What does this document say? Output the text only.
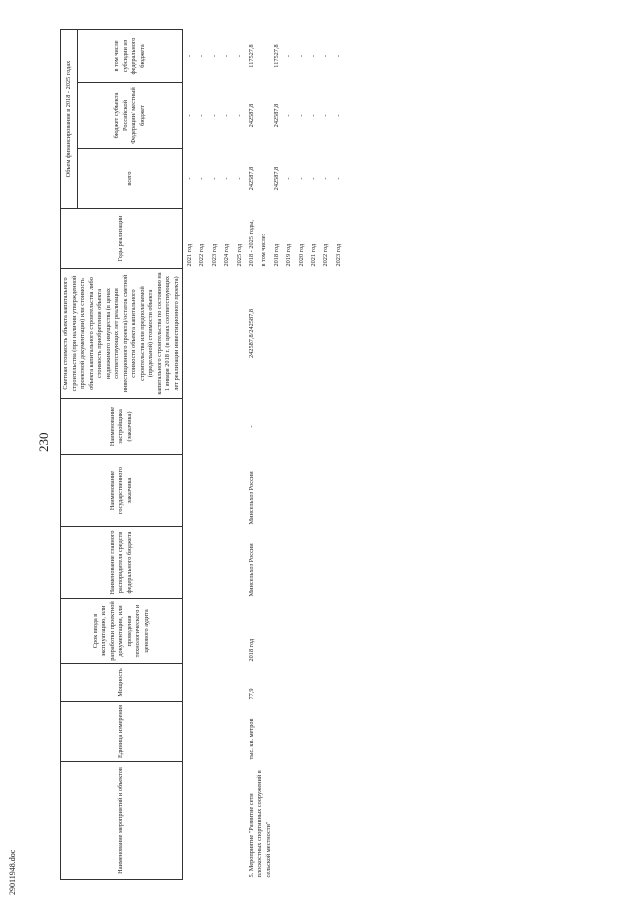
230
Наименование мероприятий и объектов	Единица измерения	Мощность	Срок ввода в эксплуатацию, или разработки проектной документации, или проведения технологического и ценового аудита	Наименование главного распорядителя средств федерального бюджета	Наименование государственного заказчика	Наименование застройщика (заказчика)	Сметная стоимость объекта капитального строительства (при наличии утвержденной проектной документации) или стоимость объекта капитального строительства либо стоимость приобретения объекта недвижимого имущества (в ценах соответствующих лет реализации инвестиционного проекта)/остаток сметной стоимости объекта капитального строительства или предполагаемой (предельной) стоимости объекта капитального строительства по состоянию на 1 января 2018 г. (в ценах соответствующих лет реализации инвестиционного проекта)	Годы реализации	Объем финансирования в 2018 - 2025 годах		
									всего	бюджет субъекта Российской Федерации/ местный бюджет	в том числе субсидии из федерального бюджета

								2021 год	-	-	-
								2022 год	-	-	-
								2023 год	-	-	-
								2024 год	-	-	-
								2025 год	-	-	-
5. Мероприятие "Развитие сети плоскостных спортивных сооружений в сельской местности"	тыс. кв. метров	77,9	2018 год	Минсельхоз России	Минсельхоз России	-	242587,8/242587,8	2018 - 2025 годы,	242587,8	242587,8	117527,8
								в том числе:			
								2018 год	242587,8	242587,8	117527,8
								2019 год	-	-	-
								2020 год	-	-	-
								2021 год	-	-	-
								2022 год	-	-	-
								2023 год	-	-	-
29011948.doc
